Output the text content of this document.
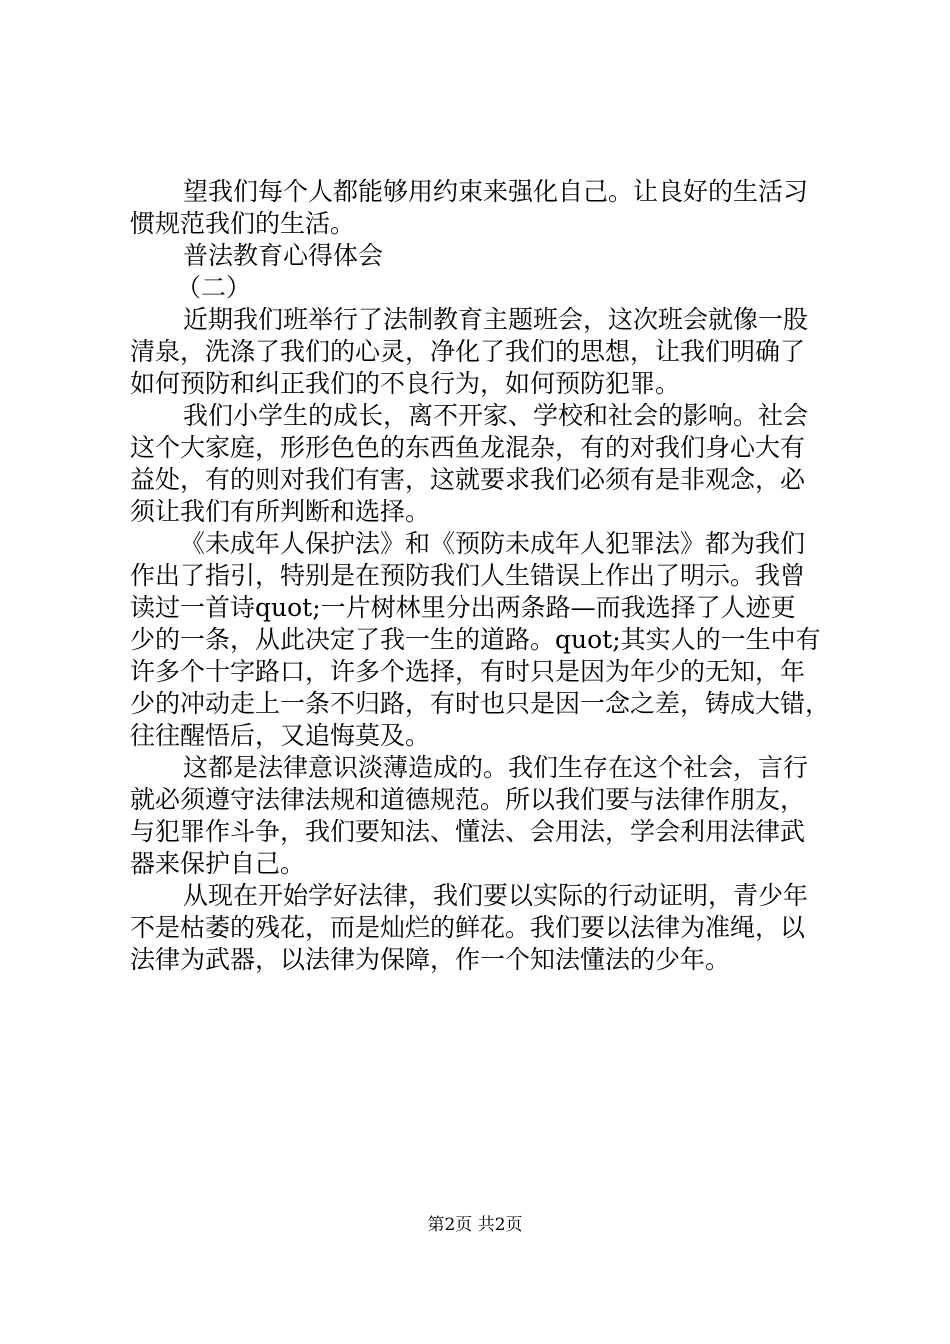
望我们每个人都能够用约束来强化自己。让良好的生活习
惯规范我们的生活。
普法教育心得体会
（二）
近期我们班举行了法制教育主题班会，这次班会就像一股
清泉，洗涤了我们的心灵，净化了我们的思想，让我们明确了
如何预防和纠正我们的不良行为，如何预防犯罪。
我们小学生的成长，离不开家、学校和社会的影响。社会
这个大家庭，形形色色的东西鱼龙混杂，有的对我们身心大有
益处，有的则对我们有害，这就要求我们必须有是非观念，必
须让我们有所判断和选择。
《未成年人保护法》和《预防未成年人犯罪法》都为我们
作出了指引，特别是在预防我们人生错误上作出了明示。我曾
读过一首诗quot;一片树林里分出两条路—而我选择了人迹更
少的一条，从此决定了我一生的道路。quot;其实人的一生中有
许多个十字路口，许多个选择，有时只是因为年少的无知，年
少的冲动走上一条不归路，有时也只是因一念之差，铸成大错，
往往醒悟后，又追悔莫及。
这都是法律意识淡薄造成的。我们生存在这个社会，言行
就必须遵守法律法规和道德规范。所以我们要与法律作朋友，
与犯罪作斗争，我们要知法、懂法、会用法，学会利用法律武
器来保护自己。
从现在开始学好法律，我们要以实际的行动证明，青少年
不是枯萎的残花，而是灿烂的鲜花。我们要以法律为准绳，以
法律为武器，以法律为保障，作一个知法懂法的少年。
第2页 共2页
